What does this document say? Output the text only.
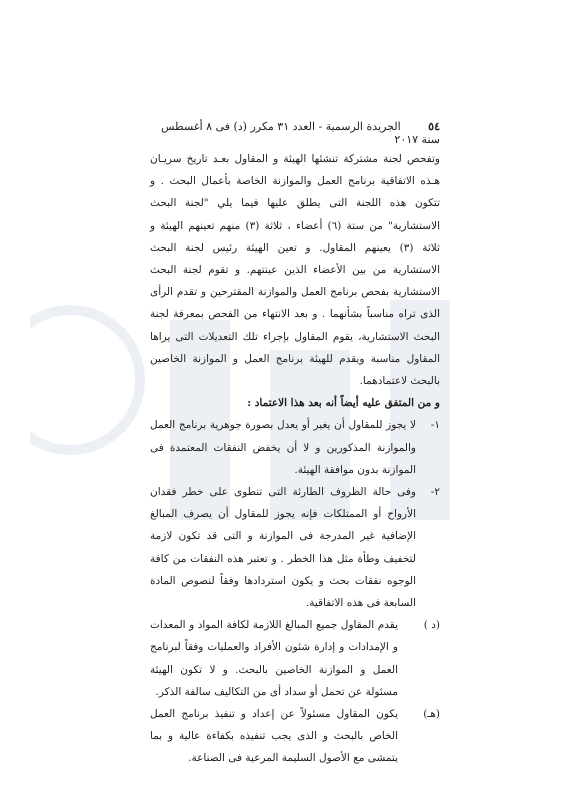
٥٤ الجريدة الرسمية - العدد ٣١ مكرر (د) فى ٨ أغسطس سنة ٢٠١٧

وتفحص لجنة مشتركة تنشئها الهيئة و المقاول بعـد تاريخ سريـان هـذه الاتفاقية برنامج العمل والموازنة الخاصة بأعمال البحث . و تتكون هذه اللجنة التى يطلق عليها فيما يلي "لجنة البحث الاستشارية" من ستة (٦) أعضاء ، ثلاثة (٣) منهم تعينهم الهيئة و ثلاثة (٣) يعينهم المقاول. و تعين الهيئة رئيس لجنة البحث الاستشارية من بين الأعضاء الذين عينتهم. و تقوم لجنة البحث الاستشارية بفحص برنامج العمل والموازنة المقترحين و تقدم الرأى الذى تراه مناسباً بشأنهما . و بعد الانتهاء من الفحص بمعرفة لجنة البحث الاستشارية، يقوم المقاول بإجراء تلك التعديلات التى يراها المقاول مناسبة ويقدم للهيئة برنامج العمل و الموازنة الخاصين بالبحث لاعتمادهما.

و من المتفق عليه أيضاً أنه بعد هذا الاعتماد :

١-

لا يجوز للمقاول أن يغير أو يعدل بصورة جوهرية برنامج العمل والموازنة المذكورين و لا أن يخفض النفقات المعتمدة فى الموازنة بدون موافقة الهيئة.

٢-

وفى حالة الظروف الطارئة التى تنطوى على خطر فقدان الأرواح أو الممتلكات فإنه يجوز للمقاول أن يصرف المبالغ الإضافية غير المدرجة فى الموازنة و التى قد تكون لازمة لتخفيف وطأة مثل هذا الخطر . و تعتبر هذه النفقات من كافة الوجوه نفقات بحث و يكون استردادها وفقاً لنصوص المادة السابعة فى هذه الاتفاقية.

(د )

يقدم المقاول جميع المبالغ اللازمة لكافة المواد و المعدات و الإمدادات و إدارة شئون الأفراد والعمليات وفقاً لبرنامج العمل و الموازنة الخاصين بالبحث. و لا تكون الهيئة مسئولة عن تحمل أو سداد أى من التكاليف سالفة الذكر.

(هـ)

يكون المقاول مسئولاً عن إعداد و تنفيذ برنامج العمل الخاص بالبحث و الذى يجب تنفيذه بكفاءة عالية و بما يتمشى مع الأصول السليمة المرعية فى الصناعة.
